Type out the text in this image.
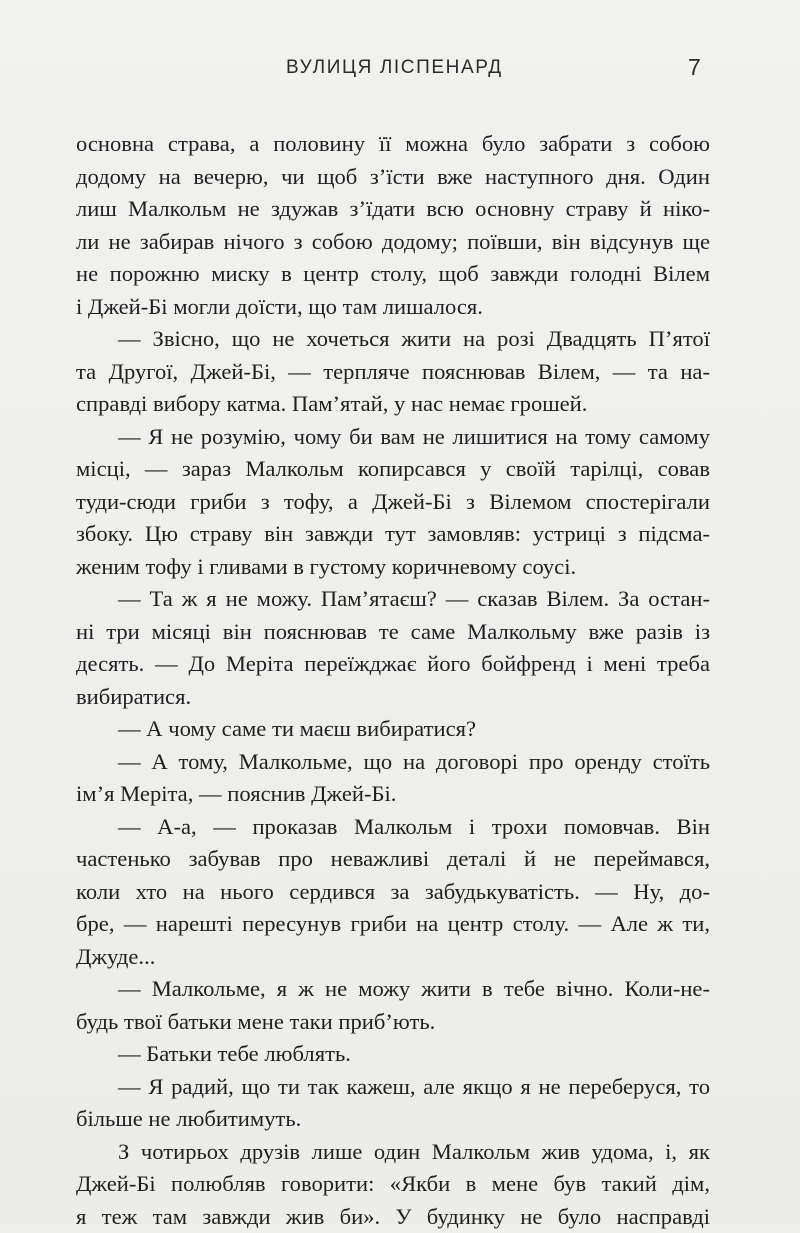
ВУЛИЦЯ ЛІСПЕНАРД	7
основна страва, а половину її можна було забрати з собою
додому на вечерю, чи щоб з’їсти вже наступного дня. Один
лиш Малкольм не здужав з’їдати всю основну страву й ніко-
ли не забирав нічого з собою додому; поївши, він відсунув ще
не порожню миску в центр столу, щоб завжди голодні Вілем
і Джей-Бі могли доїсти, що там лишалося.
— Звісно, що не хочеться жити на розі Двадцять П’ятої
та Другої, Джей-Бі, — терпляче пояснював Вілем, — та на-
справді вибору катма. Пам’ятай, у нас немає грошей.
— Я не розумію, чому би вам не лишитися на тому самому
місці, — зараз Малкольм копирсався у своїй тарілці, совав
туди-сюди гриби з тофу, а Джей-Бі з Вілемом спостерігали
збоку. Цю страву він завжди тут замовляв: устриці з підсма-
женим тофу і гливами в густому коричневому соусі.
— Та ж я не можу. Пам’ятаєш? — сказав Вілем. За остан-
ні три місяці він пояснював те саме Малкольму вже разів із
десять. — До Меріта переїжджає його бойфренд і мені треба
вибиратися.
— А чому саме ти маєш вибиратися?
— А тому, Малкольме, що на договорі про оренду стоїть
ім’я Меріта, — пояснив Джей-Бі.
— А-а, — проказав Малкольм і трохи помовчав. Він
частенько забував про неважливі деталі й не переймався,
коли хто на нього сердився за забудькуватість. — Ну, до-
бре, — нарешті пересунув гриби на центр столу. — Але ж ти,
Джуде...
— Малкольме, я ж не можу жити в тебе вічно. Коли-не-
будь твої батьки мене таки приб’ють.
— Батьки тебе люблять.
— Я радий, що ти так кажеш, але якщо я не переберуся, то
більше не любитимуть.
З чотирьох друзів лише один Малкольм жив удома, і, як
Джей-Бі полюбляв говорити: «Якби в мене був такий дім,
я теж там завжди жив би». У будинку не було насправді
